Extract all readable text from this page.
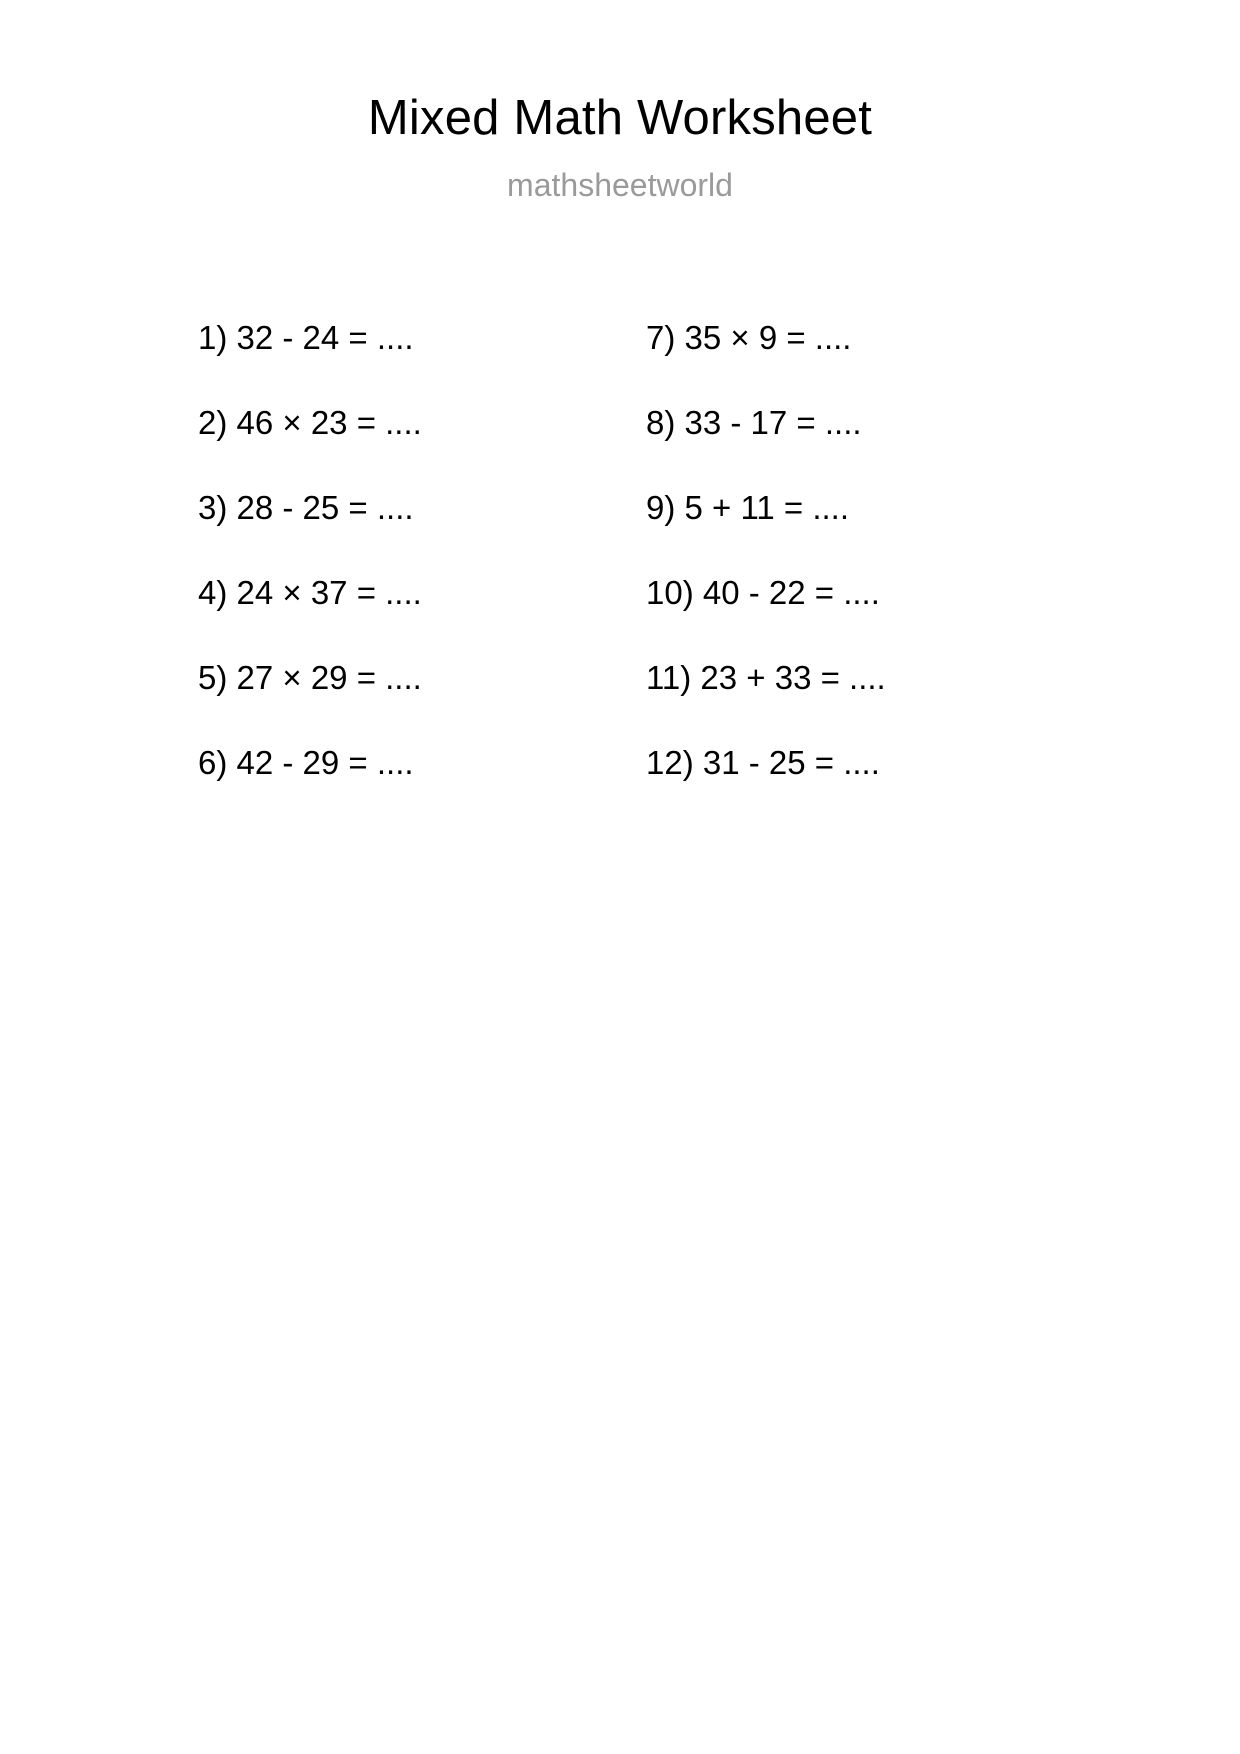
Mixed Math Worksheet
mathsheetworld
1) 32 - 24 = ....
2) 46 × 23 = ....
3) 28 - 25 = ....
4) 24 × 37 = ....
5) 27 × 29 = ....
6) 42 - 29 = ....
7) 35 × 9 = ....
8) 33 - 17 = ....
9) 5 + 11 = ....
10) 40 - 22 = ....
11) 23 + 33 = ....
12) 31 - 25 = ....
